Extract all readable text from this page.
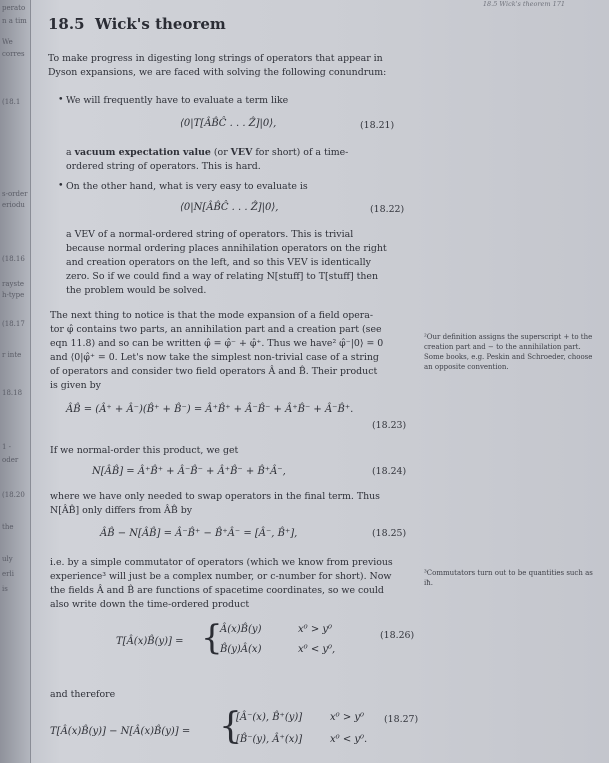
perato
n a tim
We
corres
(18.1
s-order
eriodu
(18.16
rayste
h-type
(18.17
r inte
18.18
1 -
oder
(18.20
the
uly
erli
is
18.5 Wick's theorem 171
18.5 Wick's theorem
To make progress in digesting long strings of operators that appear in
Dyson expansions, we are faced with solving the following conundrum:
• We will frequently have to evaluate a term like
⟨0|T[ÂB̂Ĉ . . . Ẑ]|0⟩,	(18.21)
a vacuum expectation value (or VEV for short) of a time-
ordered string of operators. This is hard.
• On the other hand, what is very easy to evaluate is
⟨0|N[ÂB̂Ĉ . . . Ẑ]|0⟩,	(18.22)
a VEV of a normal-ordered string of operators. This is trivial
because normal ordering places annihilation operators on the right
and creation operators on the left, and so this VEV is identically
zero. So if we could find a way of relating N[stuff] to T[stuff] then
the problem would be solved.
The next thing to notice is that the mode expansion of a field opera-
tor φ̂ contains two parts, an annihilation part and a creation part (see
eqn 11.8) and so can be written φ̂ = φ̂⁻ + φ̂⁺. Thus we have² φ̂⁻|0⟩ = 0
and ⟨0|φ̂⁺ = 0. Let's now take the simplest non-trivial case of a string
of operators and consider two field operators Â and B̂. Their product
is given by
²Our definition assigns the superscript + to the creation part and − to the annihilation part. Some books, e.g. Peskin and Schroeder, choose an opposite convention.
ÂB̂ = (Â⁺ + Â⁻)(B̂⁺ + B̂⁻) = Â⁺B̂⁺ + Â⁻B̂⁻ + Â⁺B̂⁻ + Â⁻B̂⁺.
(18.23)
If we normal-order this product, we get
N[ÂB̂] = Â⁺B̂⁺ + Â⁻B̂⁻ + Â⁺B̂⁻ + B̂⁺Â⁻,	(18.24)
where we have only needed to swap operators in the final term. Thus
N[ÂB̂] only differs from ÂB̂ by
ÂB̂ − N[ÂB̂] = Â⁻B̂⁺ − B̂⁺Â⁻ = [Â⁻, B̂⁺],	(18.25)
i.e. by a simple commutator of operators (which we know from previous
experience³ will just be a complex number, or c-number for short). Now
the fields Â and B̂ are functions of spacetime coordinates, so we could
also write down the time-ordered product
³Commutators turn out to be quantities such as iħ.
T[Â(x)B̂(y)] = {
Â(x)B̂(y)	x⁰ > y⁰
B̂(y)Â(x)	x⁰ < y⁰,
(18.26)
and therefore
T[Â(x)B̂(y)] − N[Â(x)B̂(y)] = {
[Â⁻(x), B̂⁺(y)]	x⁰ > y⁰
[B̂⁻(y), Â⁺(x)]	x⁰ < y⁰.
(18.27)
